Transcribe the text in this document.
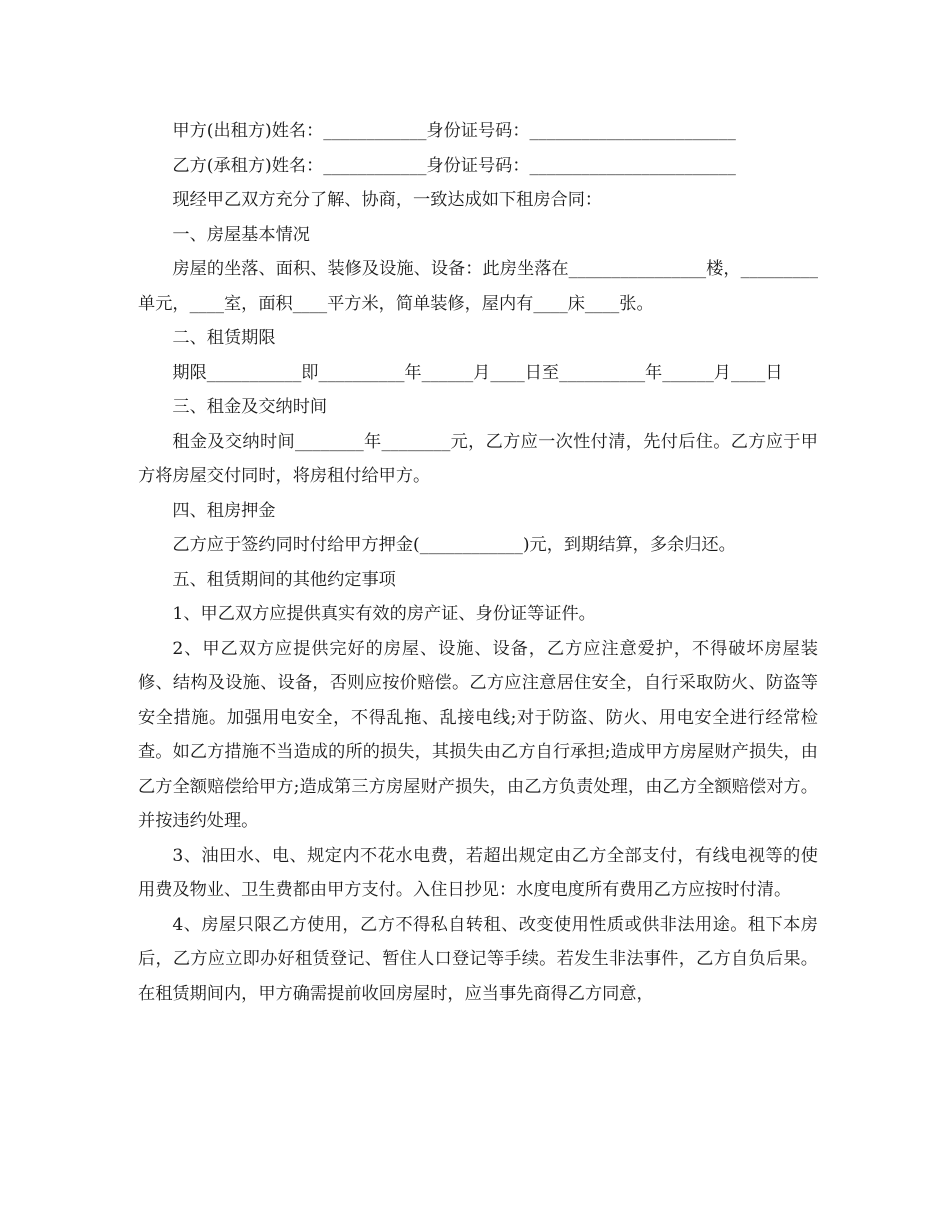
甲方(出租方)姓名：____________身份证号码：________________________

乙方(承租方)姓名：____________身份证号码：________________________

现经甲乙双方充分了解、协商，一致达成如下租房合同：

一、房屋基本情况

房屋的坐落、面积、装修及设施、设备：此房坐落在________________楼，_________单元，____室，面积____平方米，简单装修，屋内有____床____张。

二、租赁期限

期限___________即__________年______月____日至__________年______月____日

三、租金及交纳时间

租金及交纳时间________年________元，乙方应一次性付清，先付后住。乙方应于甲方将房屋交付同时，将房租付给甲方。

四、租房押金

乙方应于签约同时付给甲方押金(____________)元，到期结算，多余归还。

五、租赁期间的其他约定事项

1、甲乙双方应提供真实有效的房产证、身份证等证件。

2、甲乙双方应提供完好的房屋、设施、设备，乙方应注意爱护，不得破坏房屋装修、结构及设施、设备，否则应按价赔偿。乙方应注意居住安全，自行采取防火、防盗等安全措施。加强用电安全，不得乱拖、乱接电线;对于防盗、防火、用电安全进行经常检查。如乙方措施不当造成的所的损失，其损失由乙方自行承担;造成甲方房屋财产损失，由乙方全额赔偿给甲方;造成第三方房屋财产损失，由乙方负责处理，由乙方全额赔偿对方。并按违约处理。

3、油田水、电、规定内不花水电费，若超出规定由乙方全部支付，有线电视等的使用费及物业、卫生费都由甲方支付。入住日抄见：水度电度所有费用乙方应按时付清。

4、房屋只限乙方使用，乙方不得私自转租、改变使用性质或供非法用途。租下本房后，乙方应立即办好租赁登记、暂住人口登记等手续。若发生非法事件，乙方自负后果。在租赁期间内，甲方确需提前收回房屋时，应当事先商得乙方同意，
